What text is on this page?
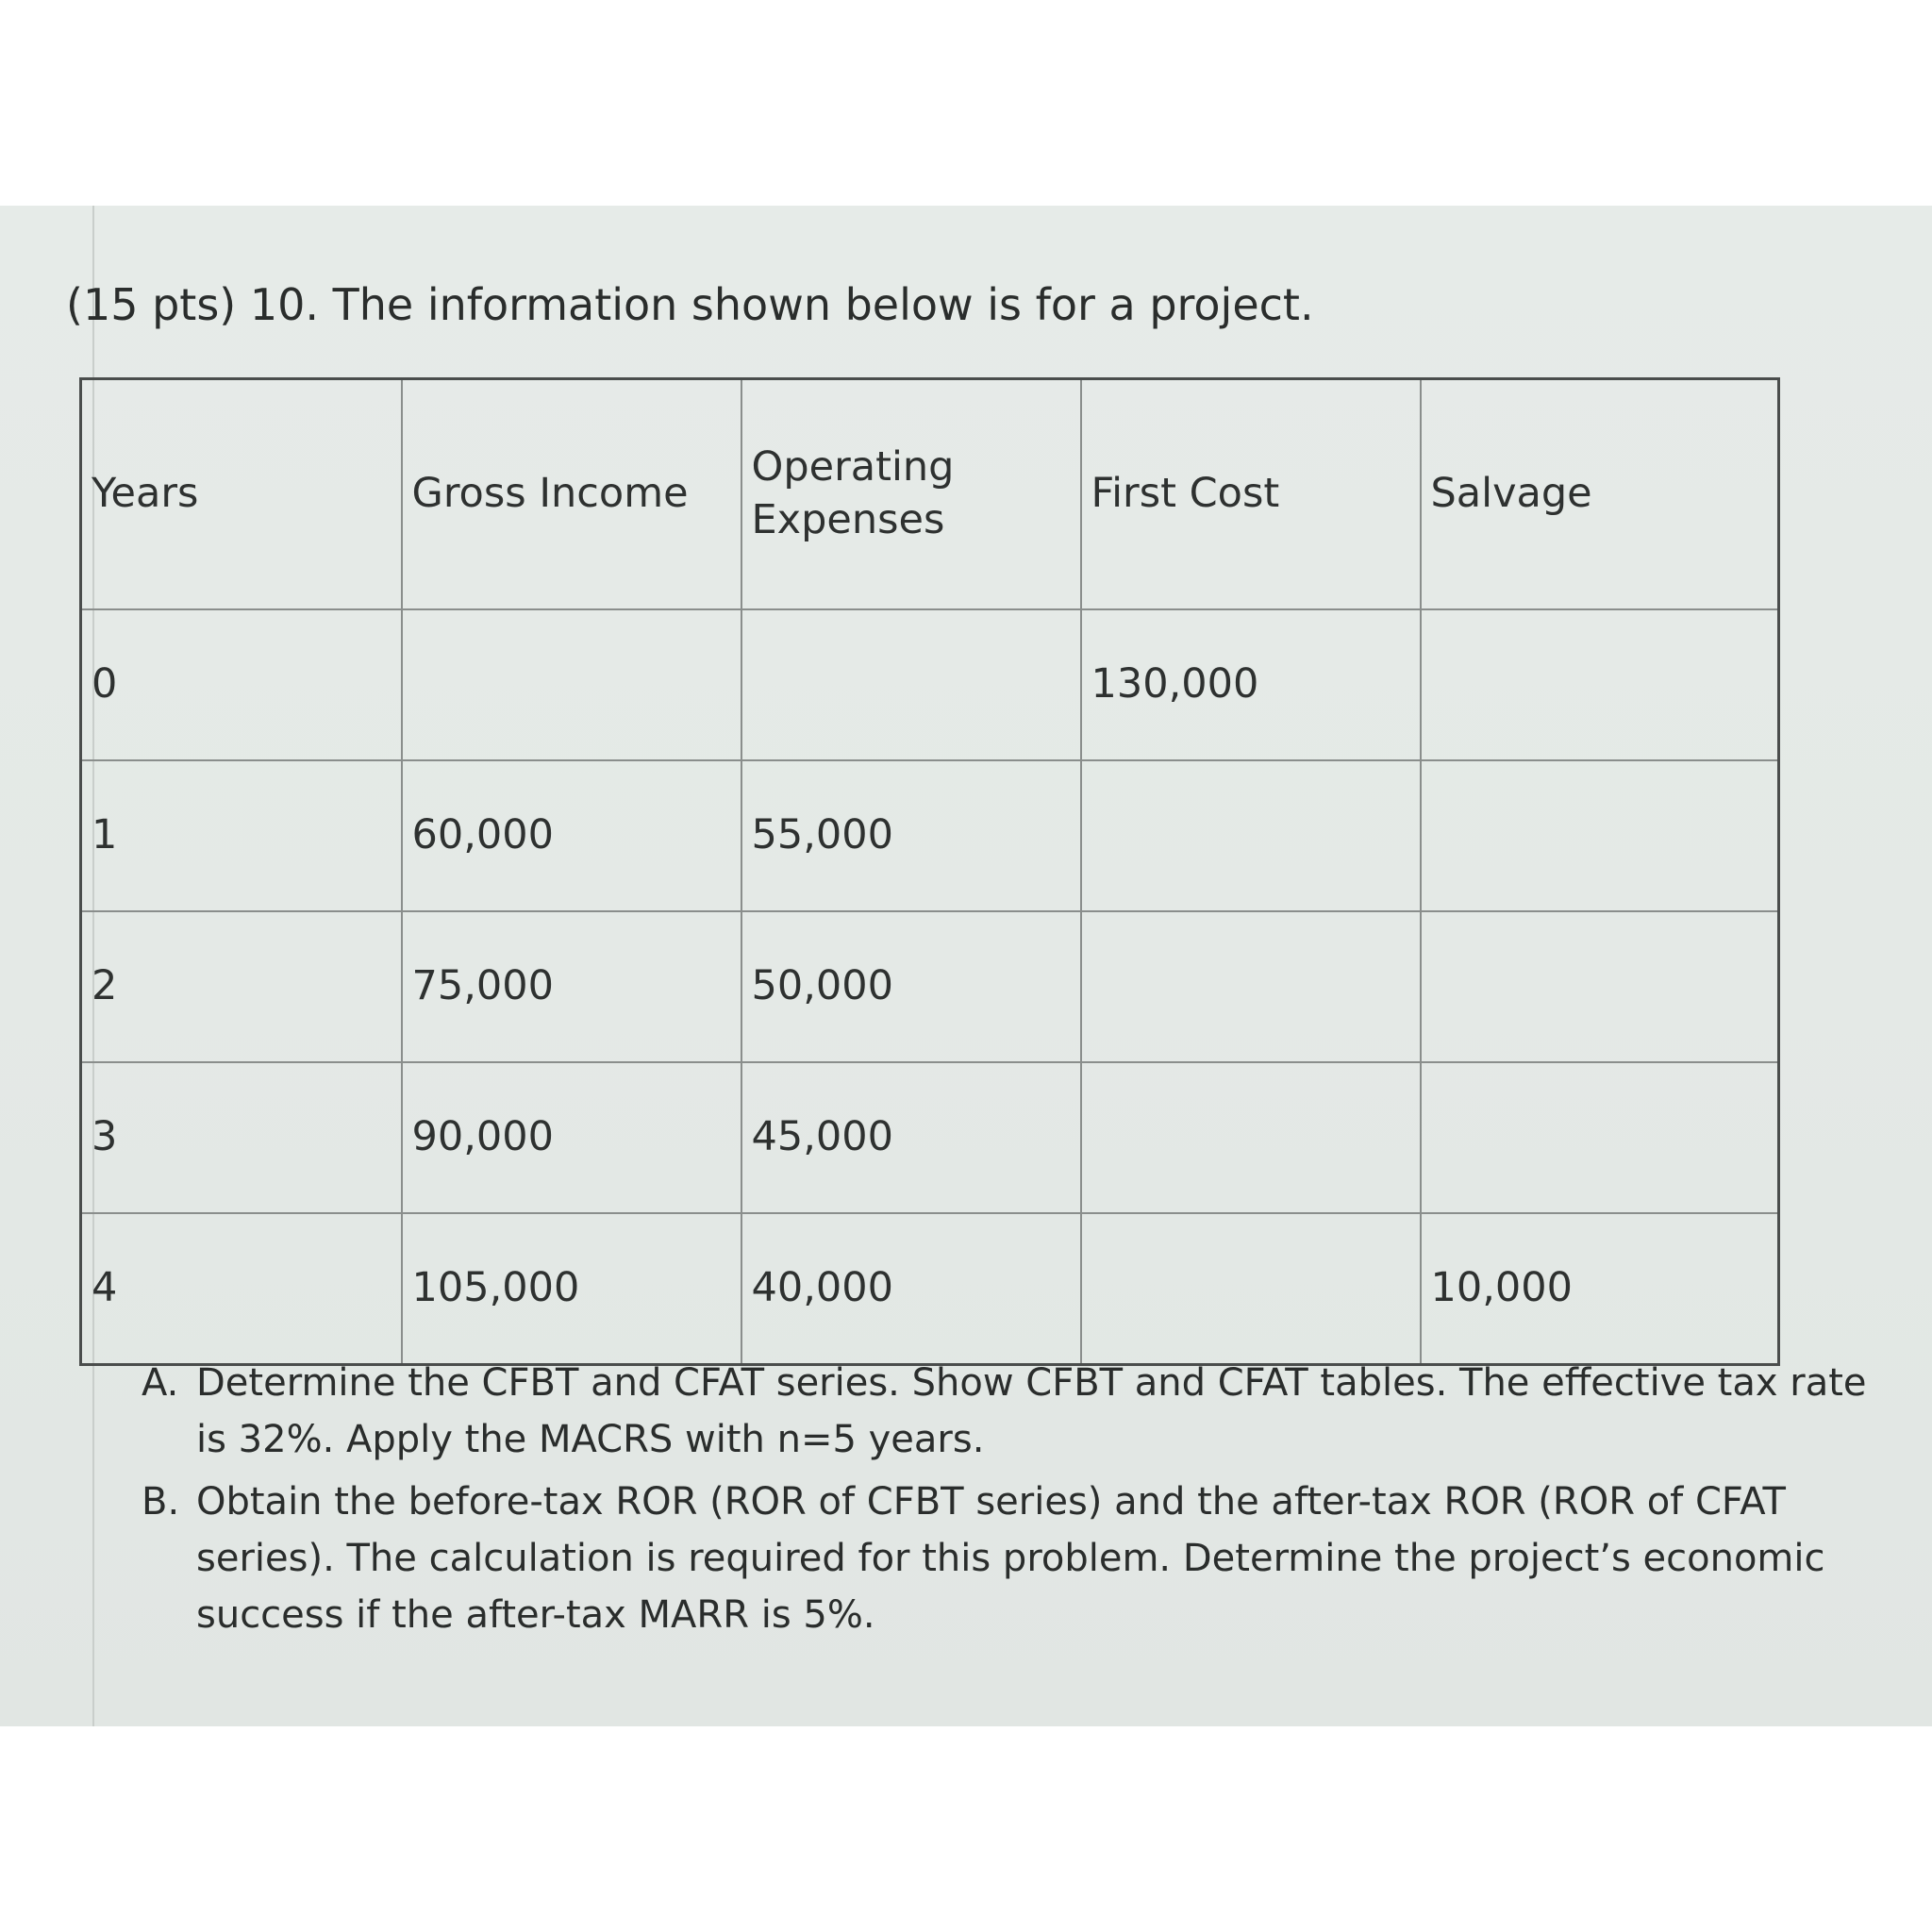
(15 pts) 10. The information shown below is for a project.
Years	Gross Income	Operating Expenses	First Cost	Salvage
0			130,000	
1	60,000	55,000		
2	75,000	50,000		
3	90,000	45,000		
4	105,000	40,000		10,000
A. Determine the CFBT and CFAT series. Show CFBT and CFAT tables. The effective tax rate is 32%. Apply the MACRS with n=5 years.
B. Obtain the before-tax ROR (ROR of CFBT series) and the after-tax ROR (ROR of CFAT series). The calculation is required for this problem. Determine the project’s economic success if the after-tax MARR is 5%.
